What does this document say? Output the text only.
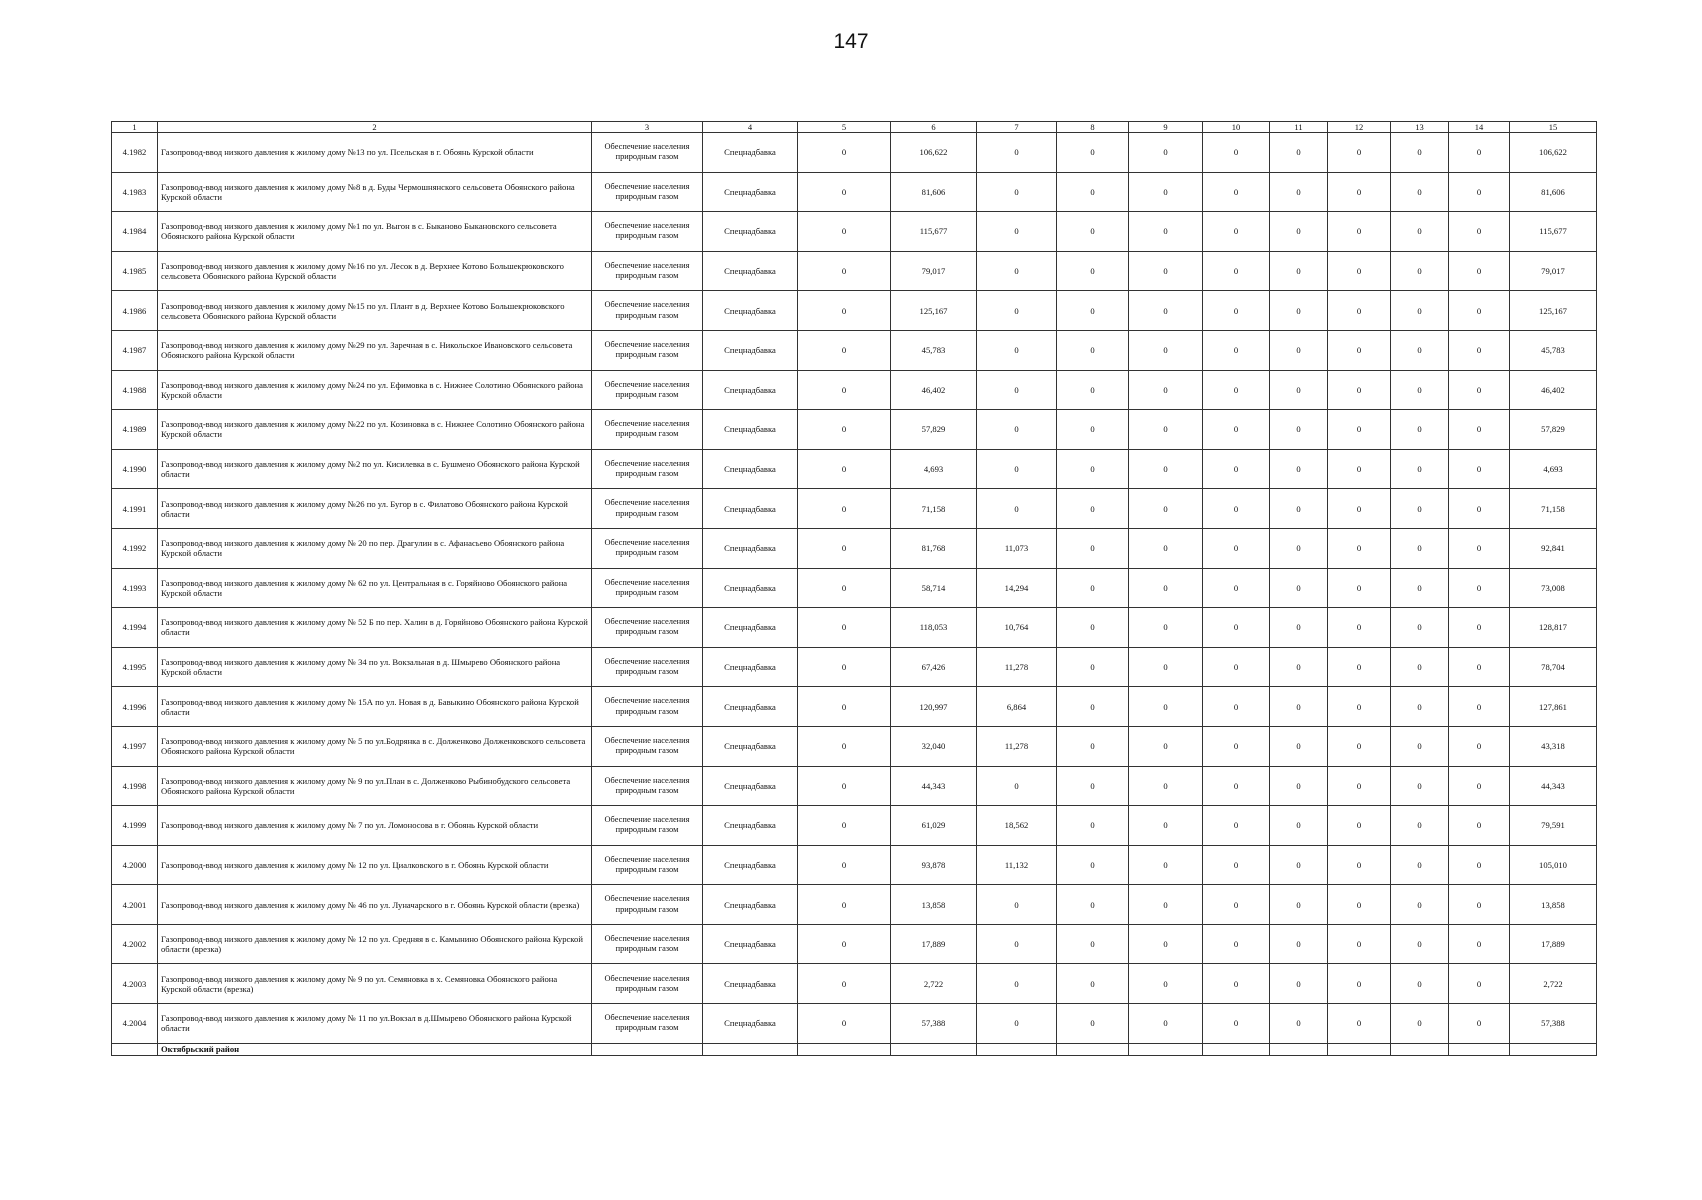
147
1	2	3	4	5	6	7	8	9	10	11	12	13	14	15
4.1982	Газопровод-ввод низкого давления к жилому дому №13 по ул. Псельская в г. Обоянь Курской области	Обеспечение населения природным газом	Спецнадбавка	0	106,622	0	0	0	0	0	0	0	0	106,622
4.1983	Газопровод-ввод низкого давления к жилому дому №8 в д. Буды Чермошнянского сельсовета Обоянского района Курской области	Обеспечение населения природным газом	Спецнадбавка	0	81,606	0	0	0	0	0	0	0	0	81,606
4.1984	Газопровод-ввод низкого давления к жилому дому №1 по ул. Выгон в с. Быканово Быкановского сельсовета Обоянского района Курской области	Обеспечение населения природным газом	Спецнадбавка	0	115,677	0	0	0	0	0	0	0	0	115,677
4.1985	Газопровод-ввод низкого давления к жилому дому №16 по ул. Лесок в д. Верхнее Котово Большекрюковского сельсовета Обоянского района Курской области	Обеспечение населения природным газом	Спецнадбавка	0	79,017	0	0	0	0	0	0	0	0	79,017
4.1986	Газопровод-ввод низкого давления к жилому дому №15 по ул. Плант в д. Верхнее Котово Большекрюковского сельсовета Обоянского района Курской области	Обеспечение населения природным газом	Спецнадбавка	0	125,167	0	0	0	0	0	0	0	0	125,167
4.1987	Газопровод-ввод низкого давления к жилому дому №29 по ул. Заречная в с. Никольское Ивановского сельсовета Обоянского района Курской области	Обеспечение населения природным газом	Спецнадбавка	0	45,783	0	0	0	0	0	0	0	0	45,783
4.1988	Газопровод-ввод низкого давления к жилому дому №24 по ул. Ефимовка в с. Нижнее Солотино Обоянского района Курской области	Обеспечение населения природным газом	Спецнадбавка	0	46,402	0	0	0	0	0	0	0	0	46,402
4.1989	Газопровод-ввод низкого давления к жилому дому №22 по ул. Козиновка в с. Нижнее Солотино Обоянского района Курской области	Обеспечение населения природным газом	Спецнадбавка	0	57,829	0	0	0	0	0	0	0	0	57,829
4.1990	Газопровод-ввод низкого давления к жилому дому №2 по ул. Кисилевка в с. Бушмено Обоянского района Курской области	Обеспечение населения природным газом	Спецнадбавка	0	4,693	0	0	0	0	0	0	0	0	4,693
4.1991	Газопровод-ввод низкого давления к жилому дому №26 по ул. Бугор в с. Филатово Обоянского района Курской области	Обеспечение населения природным газом	Спецнадбавка	0	71,158	0	0	0	0	0	0	0	0	71,158
4.1992	Газопровод-ввод низкого давления к жилому дому № 20 по пер. Драгулин в с. Афанасьево Обоянского района Курской области	Обеспечение населения природным газом	Спецнадбавка	0	81,768	11,073	0	0	0	0	0	0	0	92,841
4.1993	Газопровод-ввод низкого давления к жилому дому № 62 по ул. Центральная в с. Горяйново Обоянского района Курской области	Обеспечение населения природным газом	Спецнадбавка	0	58,714	14,294	0	0	0	0	0	0	0	73,008
4.1994	Газопровод-ввод низкого давления к жилому дому № 52 Б по пер. Халин в д. Горяйново Обоянского района Курской области	Обеспечение населения природным газом	Спецнадбавка	0	118,053	10,764	0	0	0	0	0	0	0	128,817
4.1995	Газопровод-ввод низкого давления к жилому дому № 34 по ул. Вокзальная в д. Шмырево Обоянского района Курской области	Обеспечение населения природным газом	Спецнадбавка	0	67,426	11,278	0	0	0	0	0	0	0	78,704
4.1996	Газопровод-ввод низкого давления к жилому дому № 15А по ул. Новая в д. Бавыкино Обоянского района Курской области	Обеспечение населения природным газом	Спецнадбавка	0	120,997	6,864	0	0	0	0	0	0	0	127,861
4.1997	Газопровод-ввод низкого давления к жилому дому № 5 по ул.Бодрянка в с. Долженково Долженковского сельсовета Обоянского района Курской области	Обеспечение населения природным газом	Спецнадбавка	0	32,040	11,278	0	0	0	0	0	0	0	43,318
4.1998	Газопровод-ввод низкого давления к жилому дому № 9 по ул.План в с. Долженково Рыбинобудского сельсовета Обоянского района Курской области	Обеспечение населения природным газом	Спецнадбавка	0	44,343	0	0	0	0	0	0	0	0	44,343
4.1999	Газопровод-ввод низкого давления к жилому дому № 7 по ул. Ломоносова в г. Обоянь Курской области	Обеспечение населения природным газом	Спецнадбавка	0	61,029	18,562	0	0	0	0	0	0	0	79,591
4.2000	Газопровод-ввод низкого давления к жилому дому № 12 по ул. Циалковского в г. Обоянь Курской области	Обеспечение населения природным газом	Спецнадбавка	0	93,878	11,132	0	0	0	0	0	0	0	105,010
4.2001	Газопровод-ввод низкого давления к жилому дому № 46 по ул. Луначарского в г. Обоянь Курской области (врезка)	Обеспечение населения природным газом	Спецнадбавка	0	13,858	0	0	0	0	0	0	0	0	13,858
4.2002	Газопровод-ввод низкого давления к жилому дому № 12 по ул. Средняя в с. Камынино Обоянского района Курской области (врезка)	Обеспечение населения природным газом	Спецнадбавка	0	17,889	0	0	0	0	0	0	0	0	17,889
4.2003	Газопровод-ввод низкого давления к жилому дому № 9 по ул. Семяновка в х. Семяновка Обоянского района Курской области (врезка)	Обеспечение населения природным газом	Спецнадбавка	0	2,722	0	0	0	0	0	0	0	0	2,722
4.2004	Газопровод-ввод низкого давления к жилому дому № 11 по ул.Вокзал в д.Шмырево Обоянского района Курской области	Обеспечение населения природным газом	Спецнадбавка	0	57,388	0	0	0	0	0	0	0	0	57,388
	Октябрьский район													
